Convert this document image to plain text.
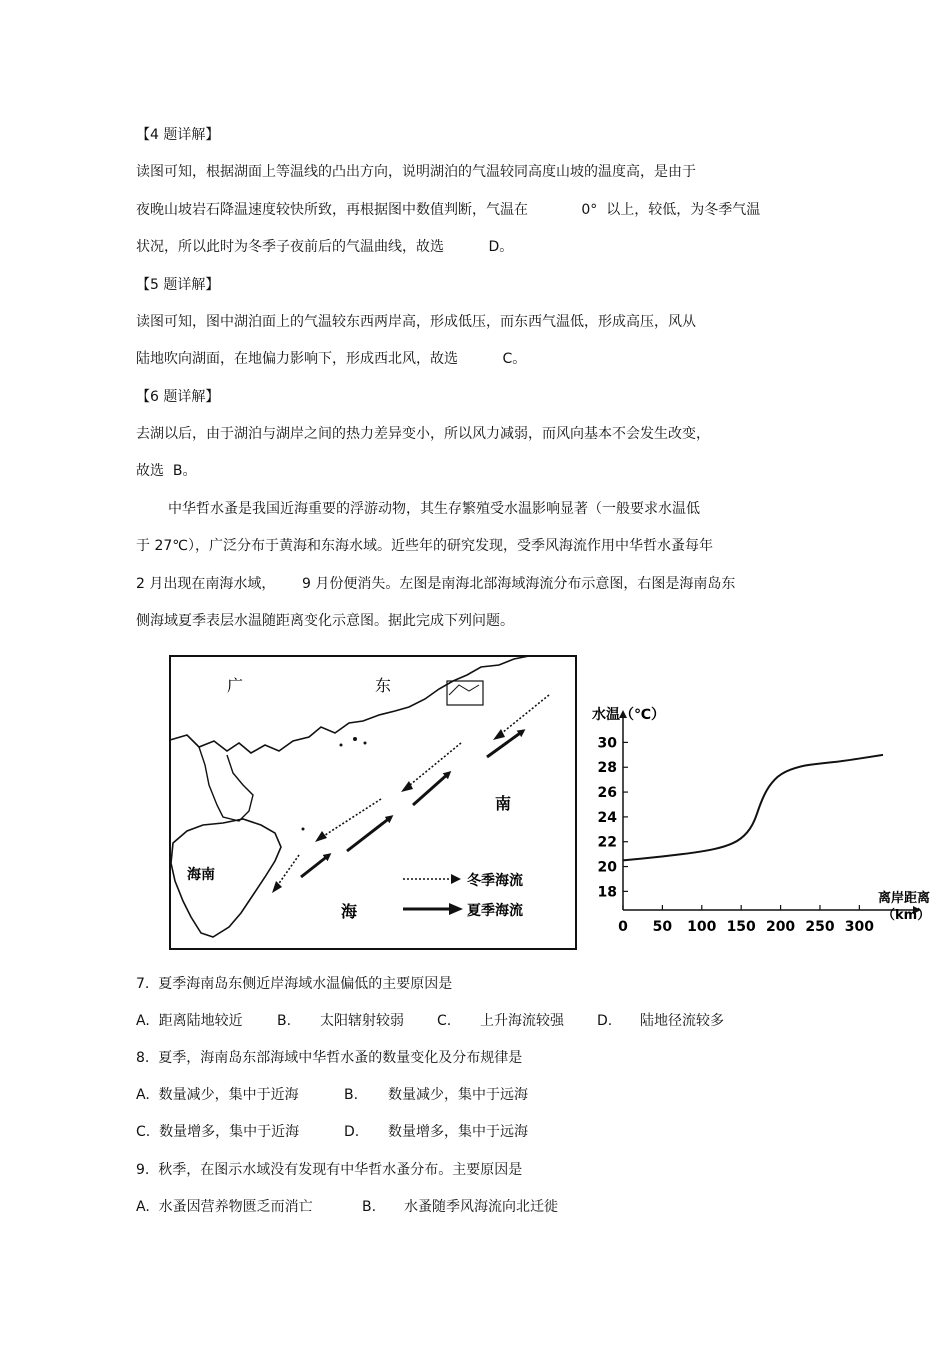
【4 题详解】
读图可知，根据湖面上等温线的凸出方向，说明湖泊的气温较同高度山坡的温度高，是由于
夜晚山坡岩石降温速度较快所致，再根据图中数值判断，气温在            0°  以上，较低，为冬季气温
状况，所以此时为冬季子夜前后的气温曲线，故选          D。
【5 题详解】
读图可知，图中湖泊面上的气温较东西两岸高，形成低压，而东西气温低，形成高压，风从
陆地吹向湖面，在地偏力影响下，形成西北风，故选          C。
【6 题详解】
去湖以后，由于湖泊与湖岸之间的热力差异变小，所以风力减弱，而风向基本不会发生改变，
故选  B。
中华哲水蚤是我国近海重要的浮游动物，其生存繁殖受水温影响显著（一般要求水温低
于 27℃），广泛分布于黄海和东海水域。近些年的研究发现，受季风海流作用中华哲水蚤每年
2 月出现在南海水域，      9 月份便消失。左图是南海北部海域海流分布示意图，右图是海南岛东
侧海域夏季表层水温随距离变化示意图。据此完成下列问题。
广	东
海南
南
海
冬季海流
夏季海流
0 50 100 150 200 250 300
18
20
22
24
26
28
30
水温（℃）
离岸距离
（km）
7.  夏季海南岛东侧近岸海域水温偏低的主要原因是
A.  距离陆地较近 B. 太阳辖射较弱 C. 上升海流较强 D. 陆地径流较多
8.  夏季，海南岛东部海域中华哲水蚤的数量变化及分布规律是
A.  数量减少，集中于近海	B. 数量减少，集中于远海
C.  数量增多，集中于近海	D. 数量增多，集中于远海
9.  秋季，在图示水域没有发现有中华哲水蚤分布。主要原因是
A.  水蚤因营养物匮乏而消亡	B. 水蚤随季风海流向北迁徙
